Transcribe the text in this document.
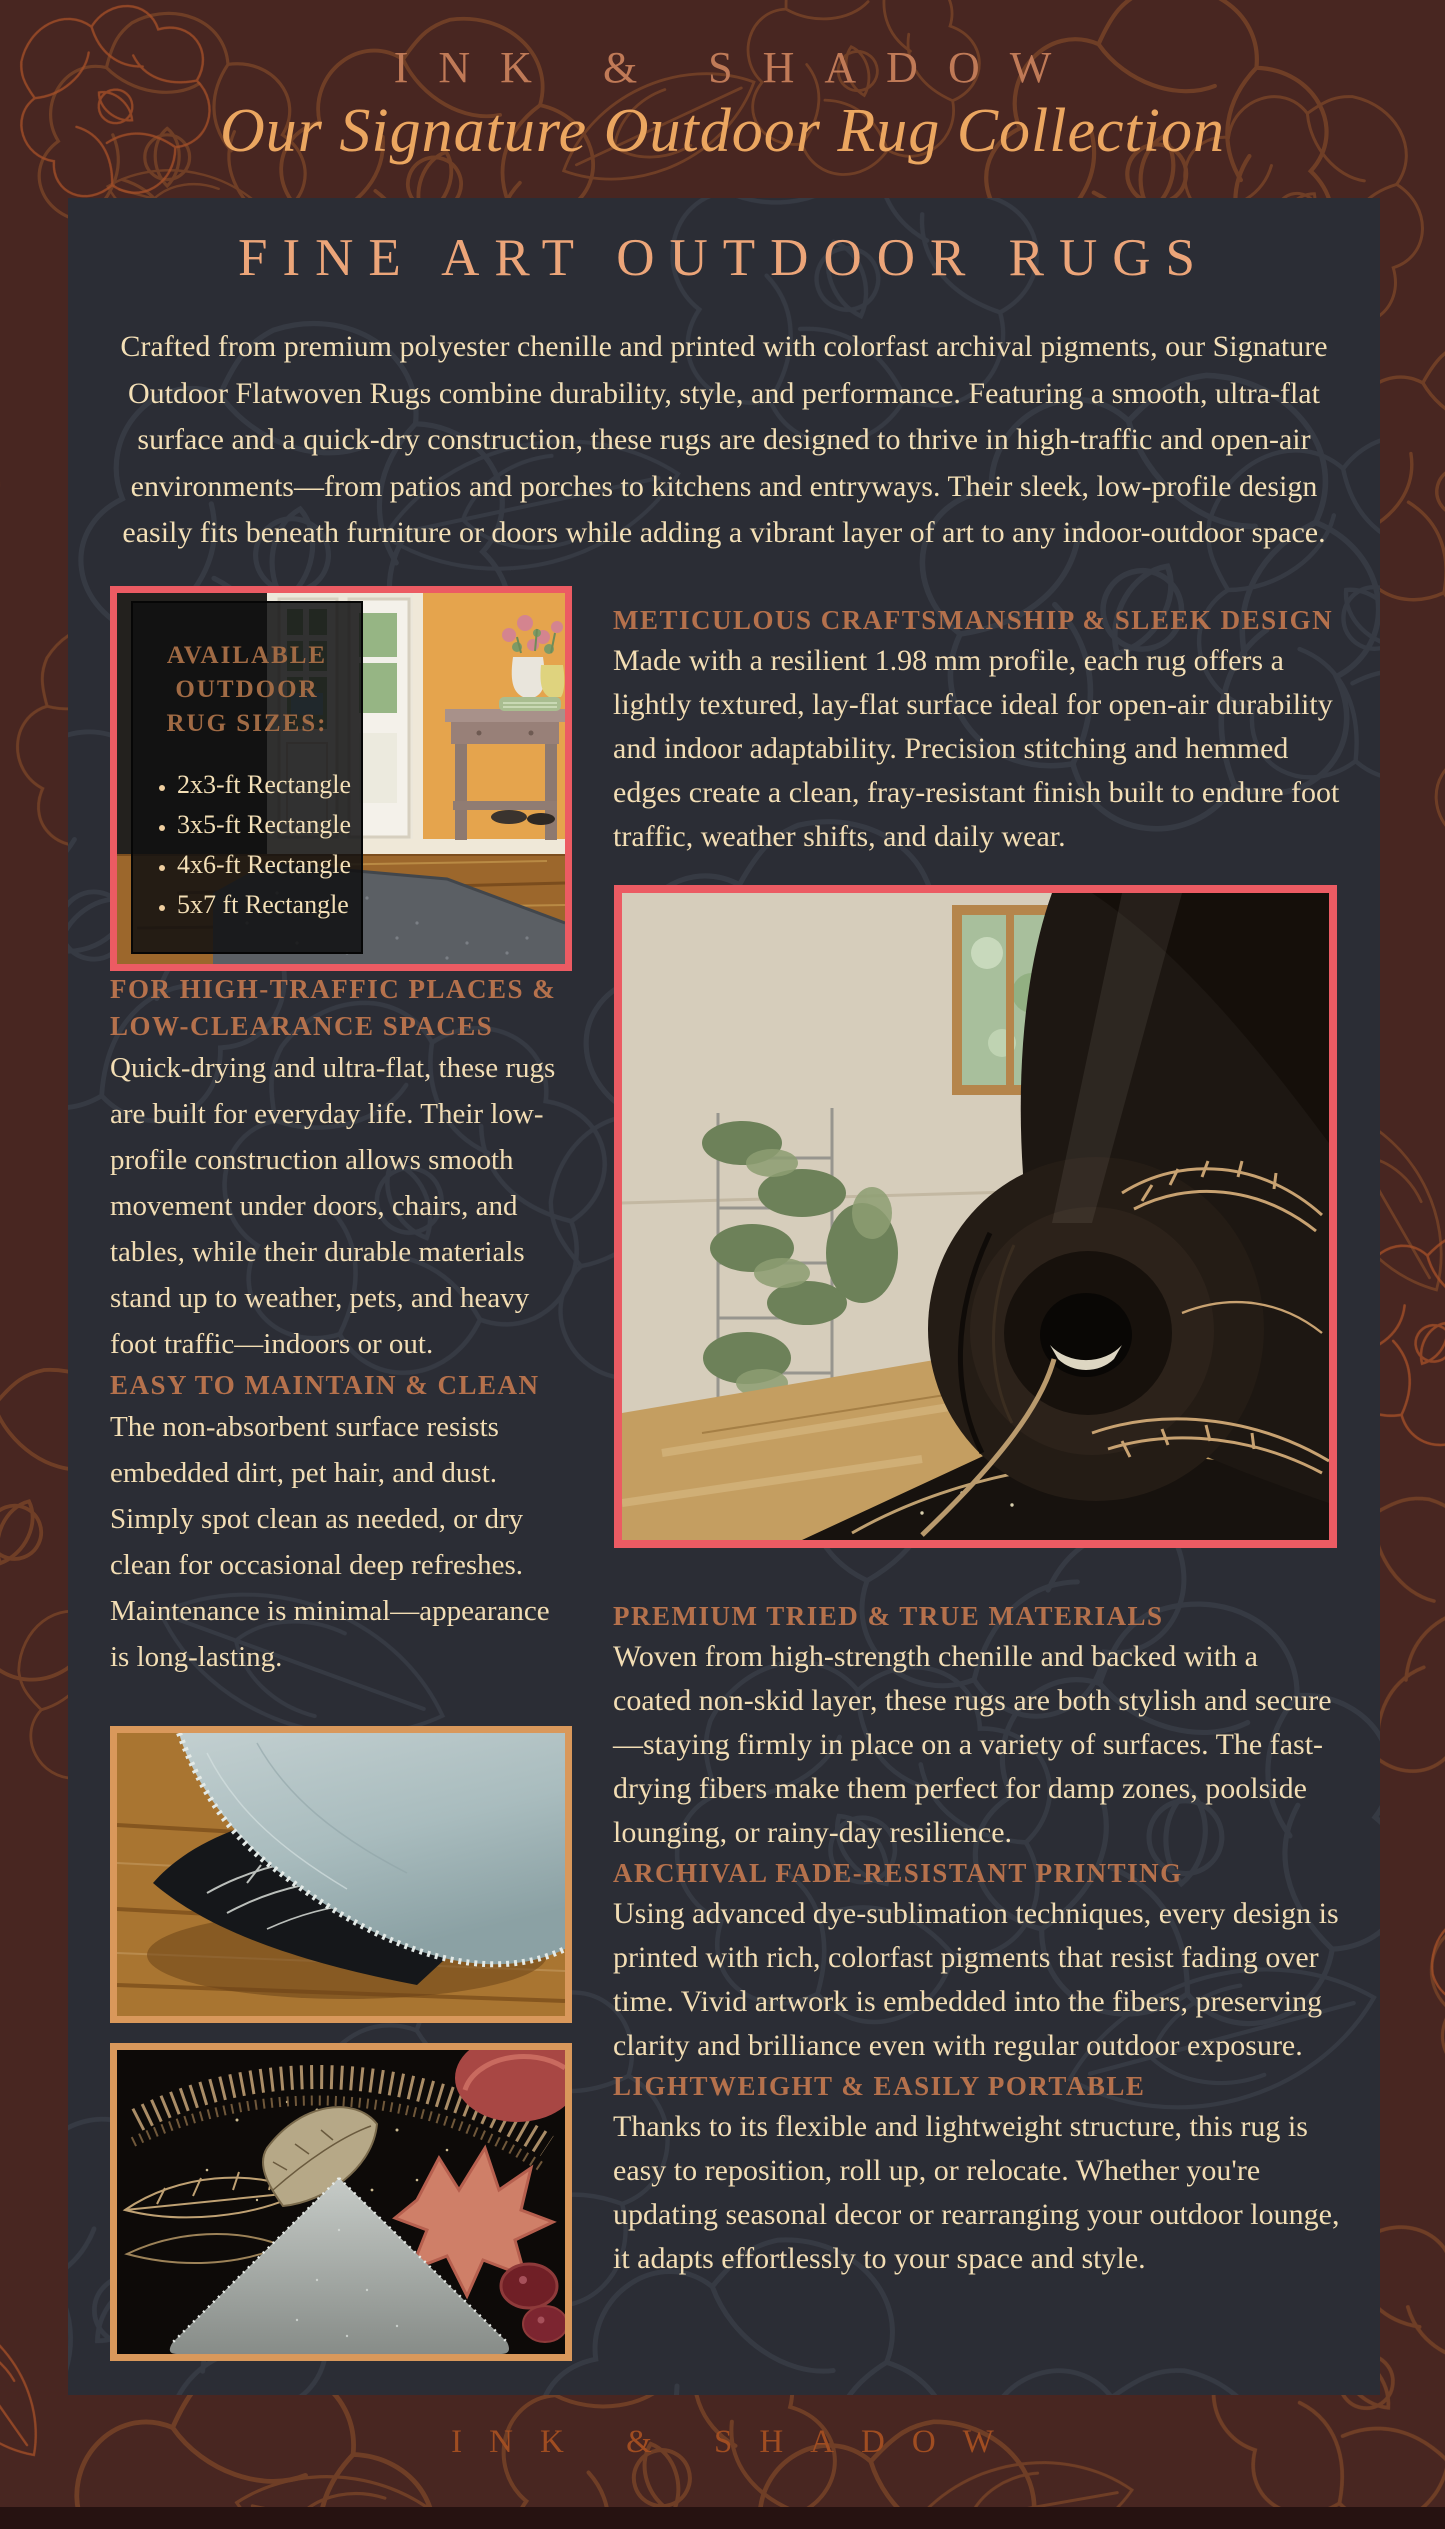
INK & SHADOW
Our Signature Outdoor Rug Collection
FINE ART OUTDOOR RUGS

Crafted from premium polyester chenille and printed with colorfast archival pigments, our Signature Outdoor Flatwoven Rugs combine durability, style, and performance. Featuring a smooth, ultra-flat surface and a quick-dry construction, these rugs are designed to thrive in high-traffic and open-air environments—from patios and porches to kitchens and entryways. Their sleek, low-profile design easily fits beneath furniture or doors while adding a vibrant layer of art to any indoor-outdoor space.

AVAILABLE OUTDOOR RUG SIZES:
• 2x3-ft Rectangle
• 3x5-ft Rectangle
• 4x6-ft Rectangle
• 5x7 ft Rectangle
FOR HIGH-TRAFFIC PLACES & LOW-CLEARANCE SPACES

Quick-drying and ultra-flat, these rugs are built for everyday life. Their low-profile construction allows smooth movement under doors, chairs, and tables, while their durable materials stand up to weather, pets, and heavy foot traffic—indoors or out.

EASY TO MAINTAIN & CLEAN

The non-absorbent surface resists embedded dirt, pet hair, and dust. Simply spot clean as needed, or dry clean for occasional deep refreshes. Maintenance is minimal—appearance is long-lasting.

METICULOUS CRAFTSMANSHIP & SLEEK DESIGN

Made with a resilient 1.98 mm profile, each rug offers a lightly textured, lay-flat surface ideal for open-air durability and indoor adaptability. Precision stitching and hemmed edges create a clean, fray-resistant finish built to endure foot traffic, weather shifts, and daily wear.

PREMIUM TRIED & TRUE MATERIALS

Woven from high-strength chenille and backed with a coated non-skid layer, these rugs are both stylish and secure—staying firmly in place on a variety of surfaces. The fast-drying fibers make them perfect for damp zones, poolside lounging, or rainy-day resilience.

ARCHIVAL FADE-RESISTANT PRINTING

Using advanced dye-sublimation techniques, every design is printed with rich, colorfast pigments that resist fading over time. Vivid artwork is embedded into the fibers, preserving clarity and brilliance even with regular outdoor exposure.

LIGHTWEIGHT & EASILY PORTABLE

Thanks to its flexible and lightweight structure, this rug is easy to reposition, roll up, or relocate. Whether you're updating seasonal decor or rearranging your outdoor lounge, it adapts effortlessly to your space and style.

INK & SHADOW
